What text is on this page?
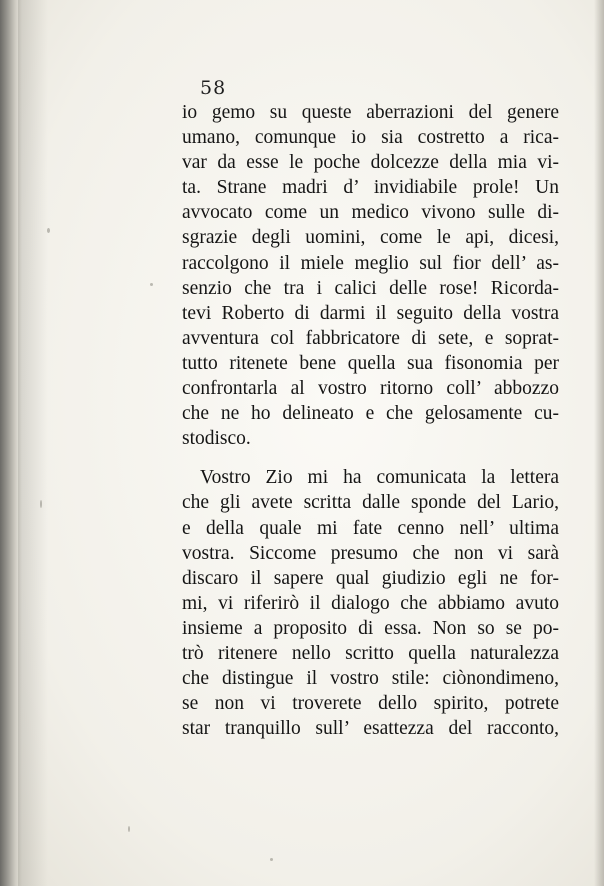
58
io gemo su queste aberrazioni del genere
umano, comunque io sia costretto a rica-
var da esse le poche dolcezze della mia vi-
ta. Strane madri d’ invidiabile prole! Un
avvocato come un medico vivono sulle di-
sgrazie degli uomini, come le api, dicesi,
raccolgono il miele meglio sul fior dell’ as-
senzio che tra i calici delle rose! Ricorda-
tevi Roberto di darmi il seguito della vostra
avventura col fabbricatore di sete, e soprat-
tutto ritenete bene quella sua fisonomia per
confrontarla al vostro ritorno coll’ abbozzo
che ne ho delineato e che gelosamente cu-
stodisco.
Vostro Zio mi ha comunicata la lettera
che gli avete scritta dalle sponde del Lario,
e della quale mi fate cenno nell’ ultima
vostra. Siccome presumo che non vi sarà
discaro il sapere qual giudizio egli ne for-
mi, vi riferirò il dialogo che abbiamo avuto
insieme a proposito di essa. Non so se po-
trò ritenere nello scritto quella naturalezza
che distingue il vostro stile: ciònondimeno,
se non vi troverete dello spirito, potrete
star tranquillo sull’ esattezza del racconto,
